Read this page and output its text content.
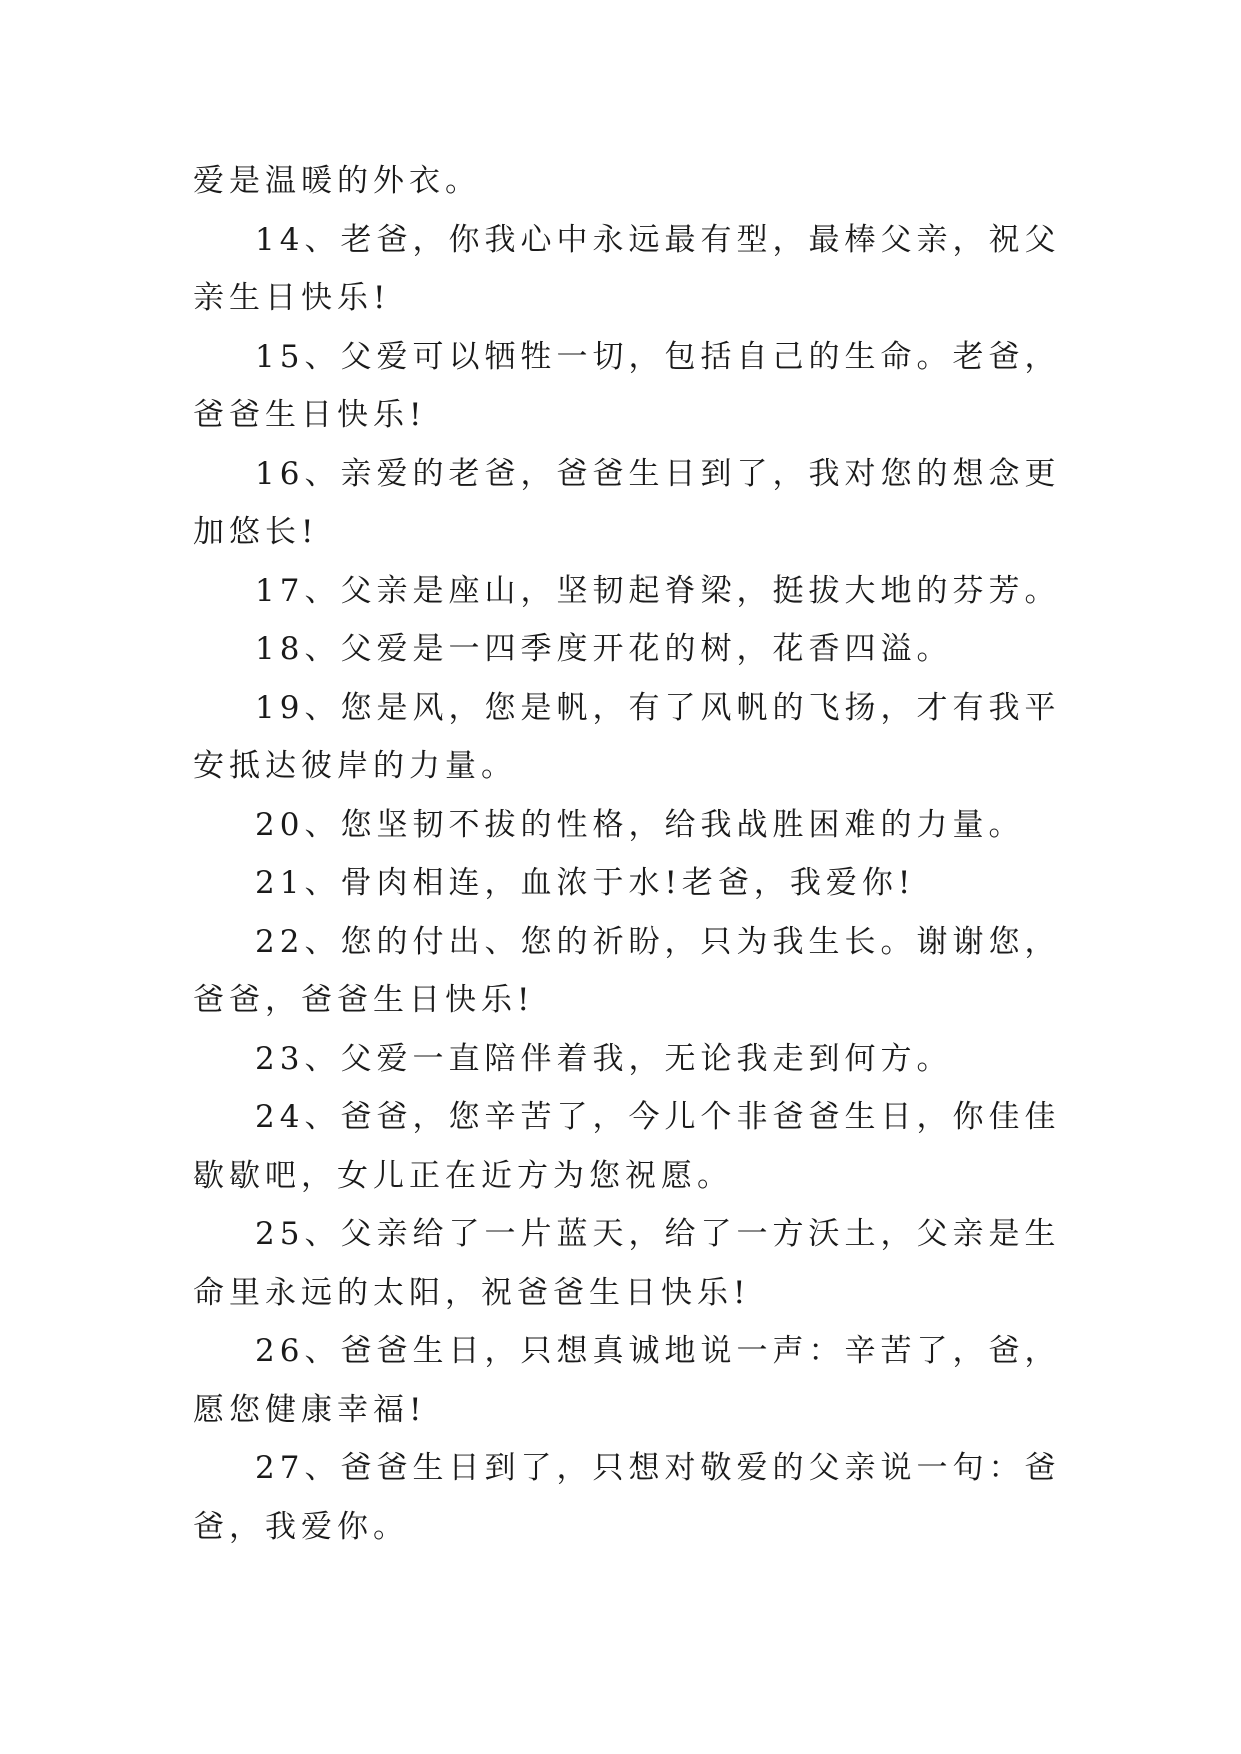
爱是温暖的外衣。

14、老爸，你我心中永远最有型，最棒父亲，祝父亲生日快乐!

15、父爱可以牺牲一切，包括自己的生命。老爸，爸爸生日快乐!

16、亲爱的老爸，爸爸生日到了，我对您的想念更加悠长!

17、父亲是座山，坚韧起脊梁，挺拔大地的芬芳。

18、父爱是一四季度开花的树，花香四溢。

19、您是风，您是帆，有了风帆的飞扬，才有我平安抵达彼岸的力量。

20、您坚韧不拔的性格，给我战胜困难的力量。

21、骨肉相连，血浓于水!老爸，我爱你!

22、您的付出、您的祈盼，只为我生长。谢谢您，爸爸，爸爸生日快乐!

23、父爱一直陪伴着我，无论我走到何方。

24、爸爸，您辛苦了，今儿个非爸爸生日，你佳佳歇歇吧，女儿正在近方为您祝愿。

25、父亲给了一片蓝天，给了一方沃土，父亲是生命里永远的太阳，祝爸爸生日快乐!

26、爸爸生日，只想真诚地说一声：辛苦了，爸，愿您健康幸福!

27、爸爸生日到了，只想对敬爱的父亲说一句：爸爸，我爱你。
